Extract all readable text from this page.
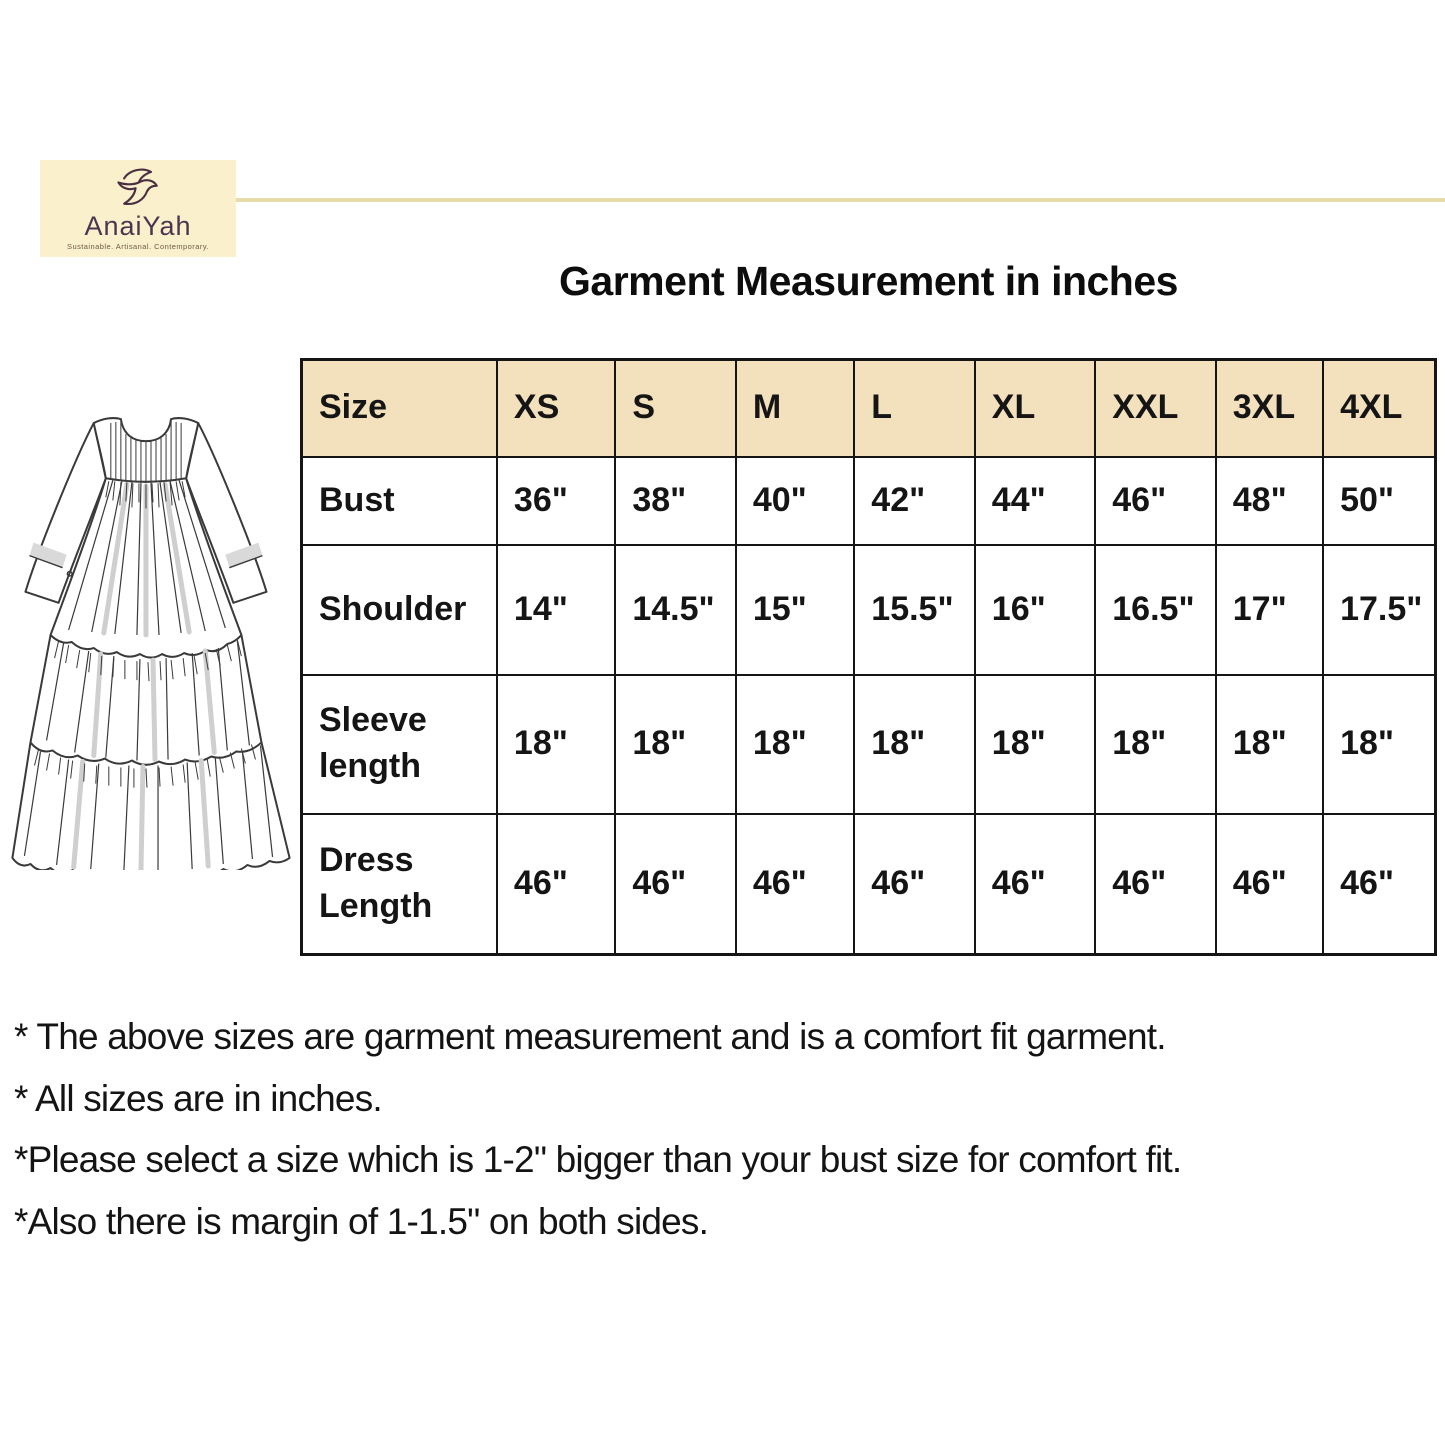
AnaiYah
Sustainable. Artisanal. Contemporary.
Garment Measurement in inches
Size	XS	S	M	L	XL	XXL	3XL	4XL
Bust	36"	38"	40"	42"	44"	46"	48"	50"
Shoulder	14"	14.5"	15"	15.5"	16"	16.5"	17"	17.5"
Sleeve length	18"	18"	18"	18"	18"	18"	18"	18"
Dress Length	46"	46"	46"	46"	46"	46"	46"	46"
* The above sizes are garment measurement and is a comfort fit garment.
* All sizes are in inches.
*Please select a size which is 1-2" bigger than your bust size for comfort fit.
*Also there is margin of 1-1.5" on both sides.
